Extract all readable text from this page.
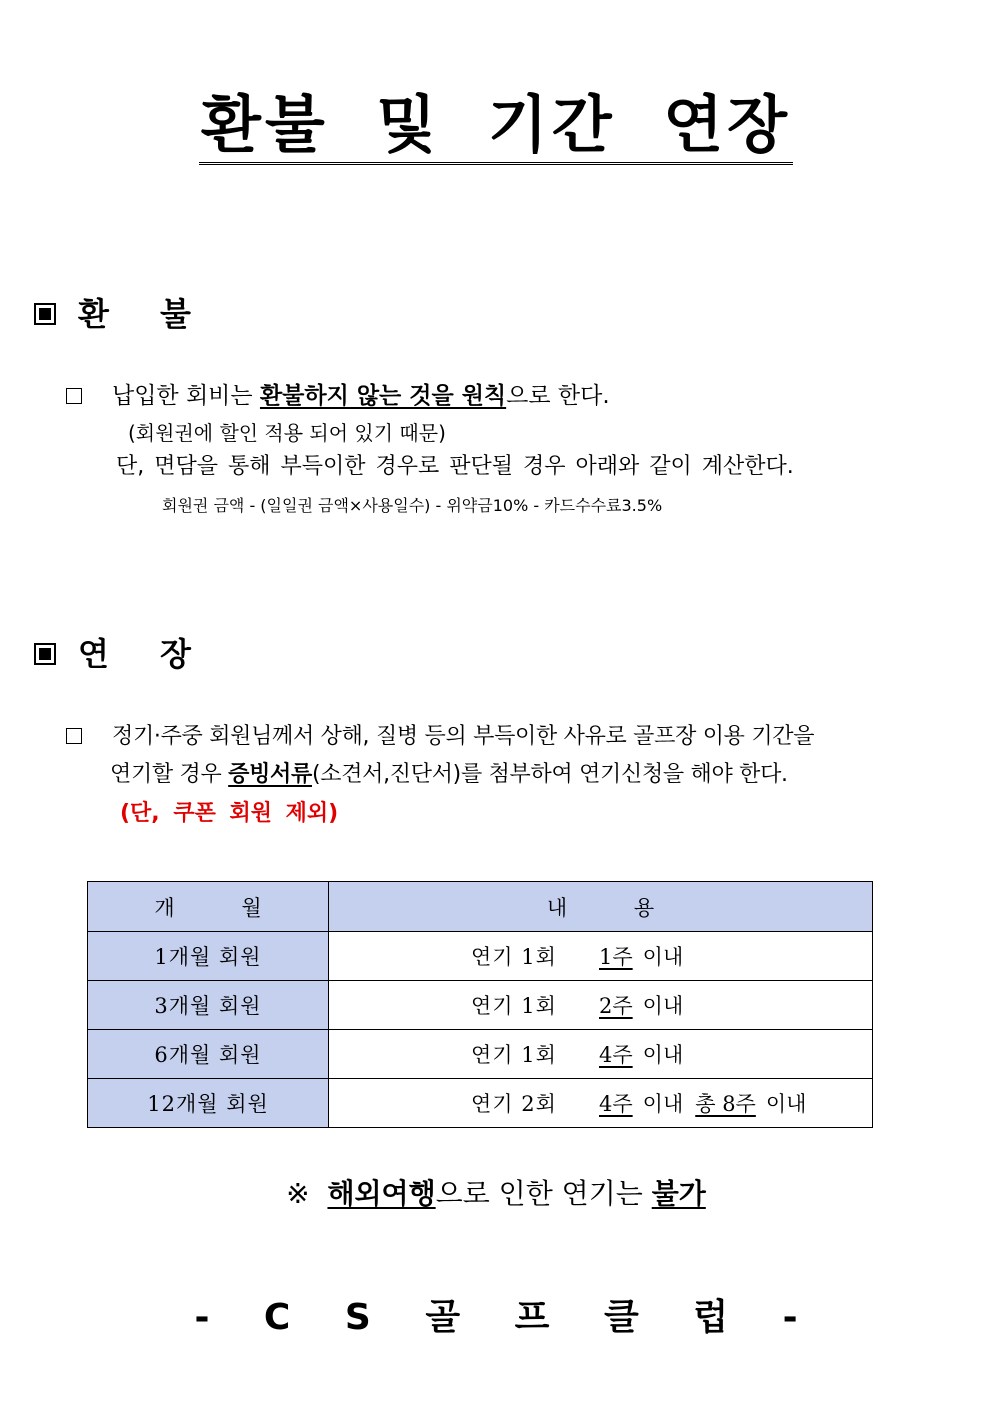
환불 및 기간 연장
환 불
납입한 회비는 환불하지 않는 것을 원칙으로 한다.
(회원권에 할인 적용 되어 있기 때문)
단, 면담을 통해 부득이한 경우로 판단될 경우 아래와 같이 계산한다.
회원권 금액 - (일일권 금액×사용일수) - 위약금10% - 카드수수료3.5%
연 장
정기·주중 회원님께서 상해, 질병 등의 부득이한 사유로 골프장 이용 기간을
연기할 경우 증빙서류(소견서,진단서)를 첨부하여 연기신청을 해야 한다.
(단, 쿠폰 회원 제외)
개 월	내 용
1개월 회원	연기 1회 1주 이내
3개월 회원	연기 1회 2주 이내
6개월 회원	연기 1회 4주 이내
12개월 회원	연기 2회 4주 이내 총 8주 이내
※ 해외여행으로 인한 연기는 불가
- C S 골 프 클 럽 -
